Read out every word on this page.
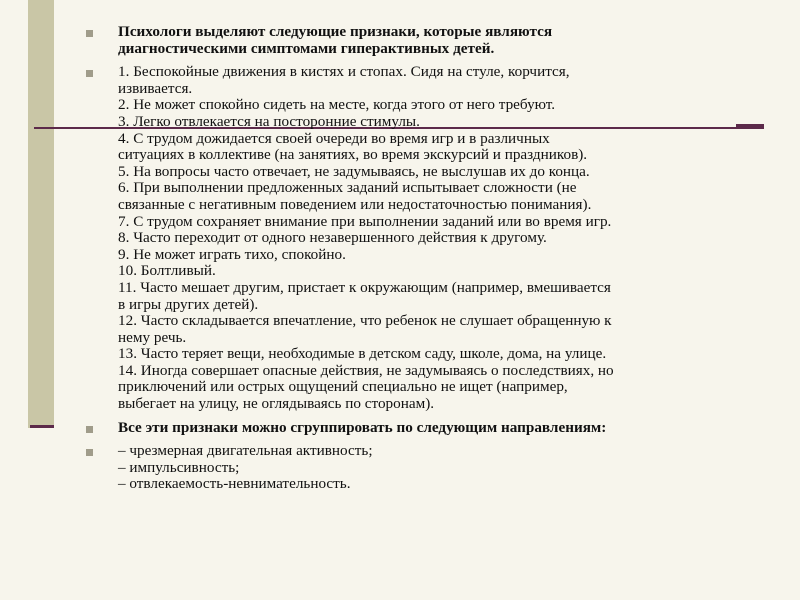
Психологи выделяют следующие признаки, которые являются
диагностическими симптомами гиперактивных детей.
1. Беспокойные движения в кистях и стопах. Сидя на стуле, корчится,
извивается.
2. Не может спокойно сидеть на месте, когда этого от него требуют.
3. Легко отвлекается на посторонние стимулы.
4. С трудом дожидается своей очереди во время игр и в различных
ситуациях в коллективе (на занятиях, во время экскурсий и праздников).
5. На вопросы часто отвечает, не задумываясь, не выслушав их до конца.
6. При выполнении предложенных заданий испытывает сложности (не
связанные с негативным поведением или недостаточностью понимания).
7. С трудом сохраняет внимание при выполнении заданий или во время игр.
8. Часто переходит от одного незавершенного действия к другому.
9. Не может играть тихо, спокойно.
10. Болтливый.
11. Часто мешает другим, пристает к окружающим (например, вмешивается
в игры других детей).
12. Часто складывается впечатление, что ребенок не слушает обращенную к
нему речь.
13. Часто теряет вещи, необходимые в детском саду, школе, дома, на улице.
14. Иногда совершает опасные действия, не задумываясь о последствиях, но
приключений или острых ощущений специально не ищет (например,
выбегает на улицу, не оглядываясь по сторонам).
Все эти признаки можно сгруппировать по следующим направлениям:
– чрезмерная двигательная активность;
– импульсивность;
– отвлекаемость-невнимательность.
